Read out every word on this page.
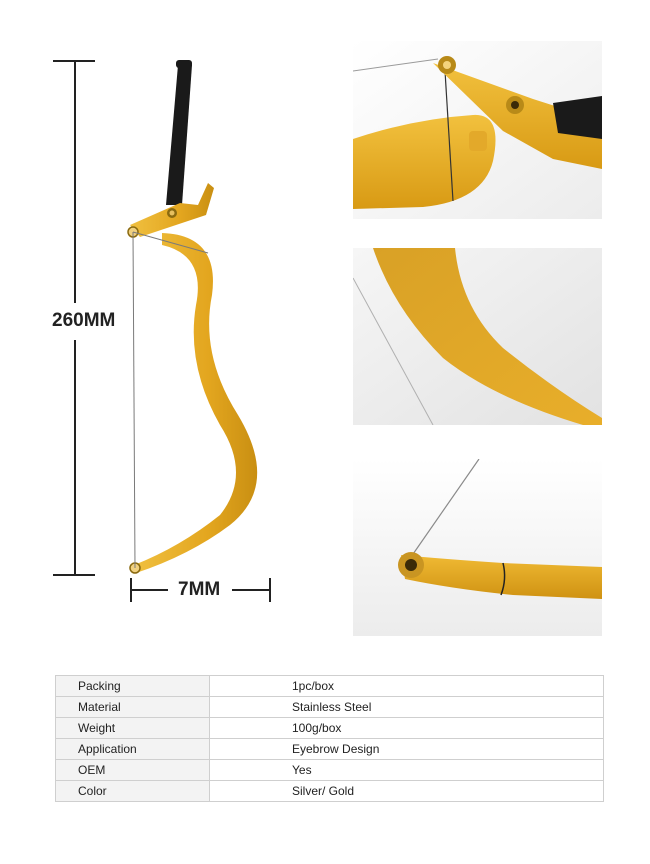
260MM
7MM
Packing	1pc/box
Material	Stainless Steel
Weight	100g/box
Application	Eyebrow Design
OEM	Yes
Color	Silver/ Gold
